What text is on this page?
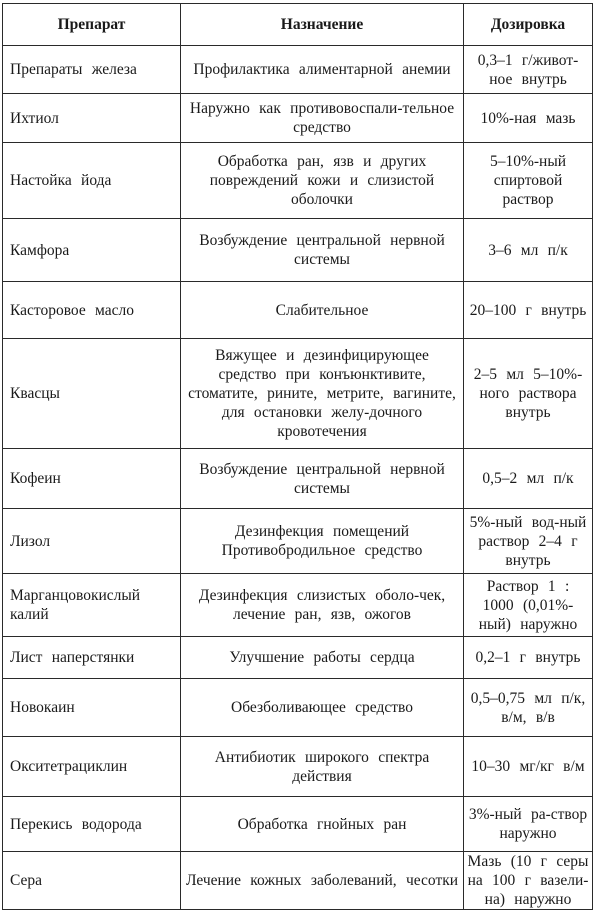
Препарат	Назначение	Дозировка
Препараты железа	Профилактика алиментарной анемии	0,3–1 г/живот-ное внутрь
Ихтиол	Наружно как противовоспали-тельное средство	10%-ная мазь
Настойка йода	Обработка ран, язв и других повреждений кожи и слизистой оболочки	5–10%-ный спиртовой раствор
Камфора	Возбуждение центральной нервной системы	3–6 мл п/к
Касторовое масло	Слабительное	20–100 г внутрь
Квасцы	Вяжущее и дезинфицирующее средство при конъюнктивите, стоматите, рините, метрите, вагините, для остановки желу-дочного кровотечения	2–5 мл 5–10%-ного раствора внутрь
Кофеин	Возбуждение центральной нервной системы	0,5–2 мл п/к
Лизол	Дезинфекция помещений Противобродильное средство	5%-ный вод-ный раствор 2–4 г внутрь
Марганцовокислый калий	Дезинфекция слизистых оболо-чек, лечение ран, язв, ожогов	Раствор 1 : 1000 (0,01%-ный) наружно
Лист наперстянки	Улучшение работы сердца	0,2–1 г внутрь
Новокаин	Обезболивающее средство	0,5–0,75 мл п/к, в/м, в/в
Окситетрациклин	Антибиотик широкого спектра действия	10–30 мг/кг в/м
Перекись водорода	Обработка гнойных ран	3%-ный ра-створ наружно
Сера	Лечение кожных заболеваний, чесотки	Мазь (10 г серы на 100 г вазели-на) наружно
